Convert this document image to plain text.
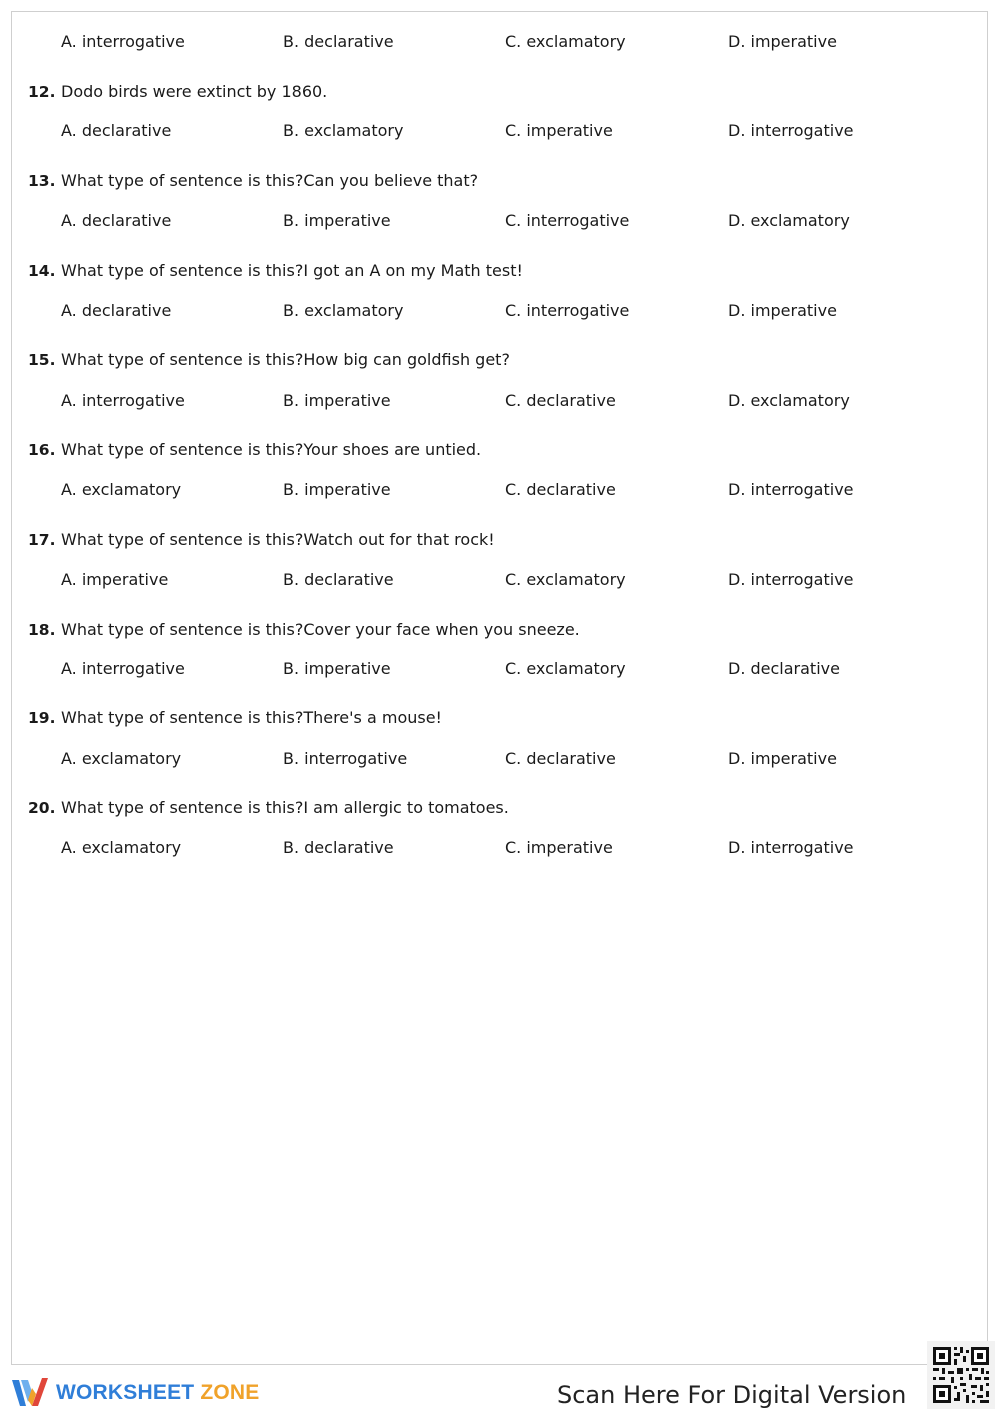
A. interrogative	B. declarative	C. exclamatory	D. imperative
12. Dodo birds were extinct by 1860.
A. declarative	B. exclamatory	C. imperative	D. interrogative
13. What type of sentence is this?Can you believe that?
A. declarative	B. imperative	C. interrogative	D. exclamatory
14. What type of sentence is this?I got an A on my Math test!
A. declarative	B. exclamatory	C. interrogative	D. imperative
15. What type of sentence is this?How big can goldfish get?
A. interrogative	B. imperative	C. declarative	D. exclamatory
16. What type of sentence is this?Your shoes are untied.
A. exclamatory	B. imperative	C. declarative	D. interrogative
17. What type of sentence is this?Watch out for that rock!
A. imperative	B. declarative	C. exclamatory	D. interrogative
18. What type of sentence is this?Cover your face when you sneeze.
A. interrogative	B. imperative	C. exclamatory	D. declarative
19. What type of sentence is this?There's a mouse!
A. exclamatory	B. interrogative	C. declarative	D. imperative
20. What type of sentence is this?I am allergic to tomatoes.
A. exclamatory	B. declarative	C. imperative	D. interrogative
WORKSHEET ZONE	Scan Here For Digital Version
